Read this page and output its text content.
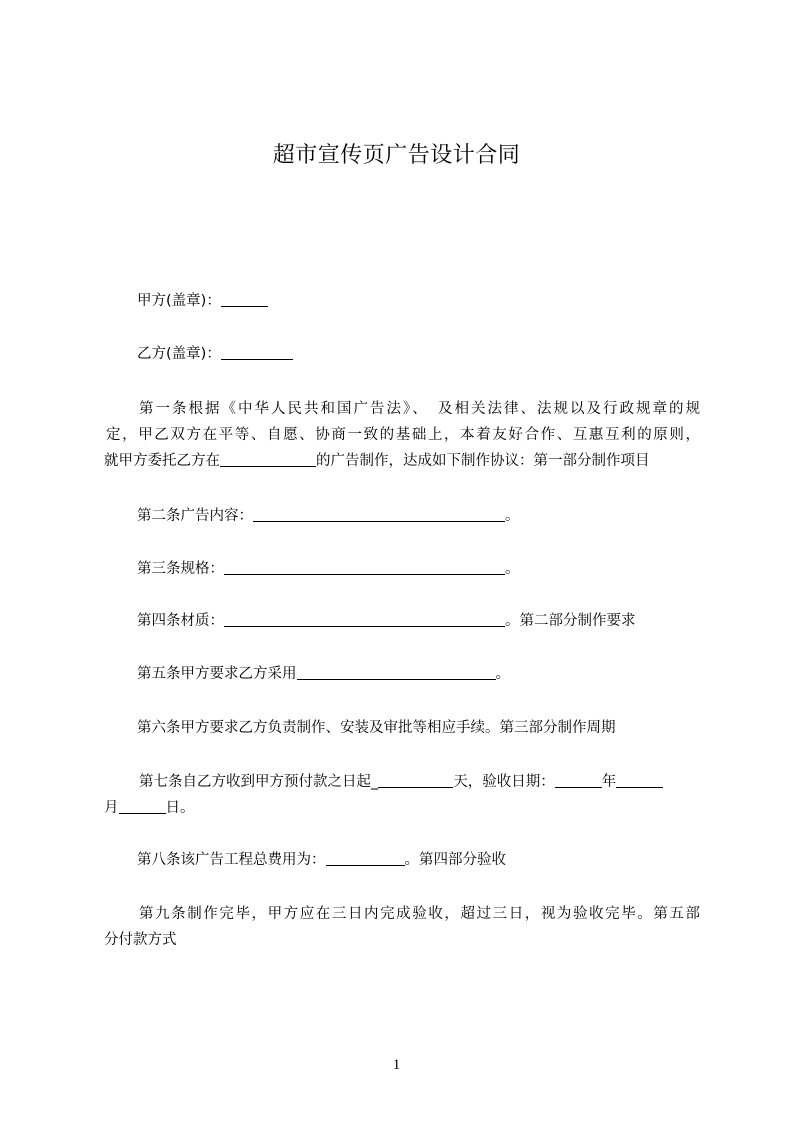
超市宣传页广告设计合同
甲方(盖章)：
乙方(盖章)：
第一条根据《中华人民共和国广告法》、　及相关法律、法规以及行政规章的规
定，甲乙双方在平等、自愿、协商一致的基础上，本着友好合作、互惠互利的原则，
就甲方委托乙方在	的广告制作，达成如下制作协议：第一部分制作项目
第二条广告内容：	。
第三条规格：	。
第四条材质：	。第二部分制作要求
第五条甲方要求乙方采用	。
第六条甲方要求乙方负责制作、安装及审批等相应手续。第三部分制作周期
第七条自乙方收到甲方预付款之日起_	天，验收日期：	年
月	日。
第八条该广告工程总费用为：	。第四部分验收
第九条制作完毕，甲方应在三日内完成验收，超过三日，视为验收完毕。第五部
分付款方式
1
